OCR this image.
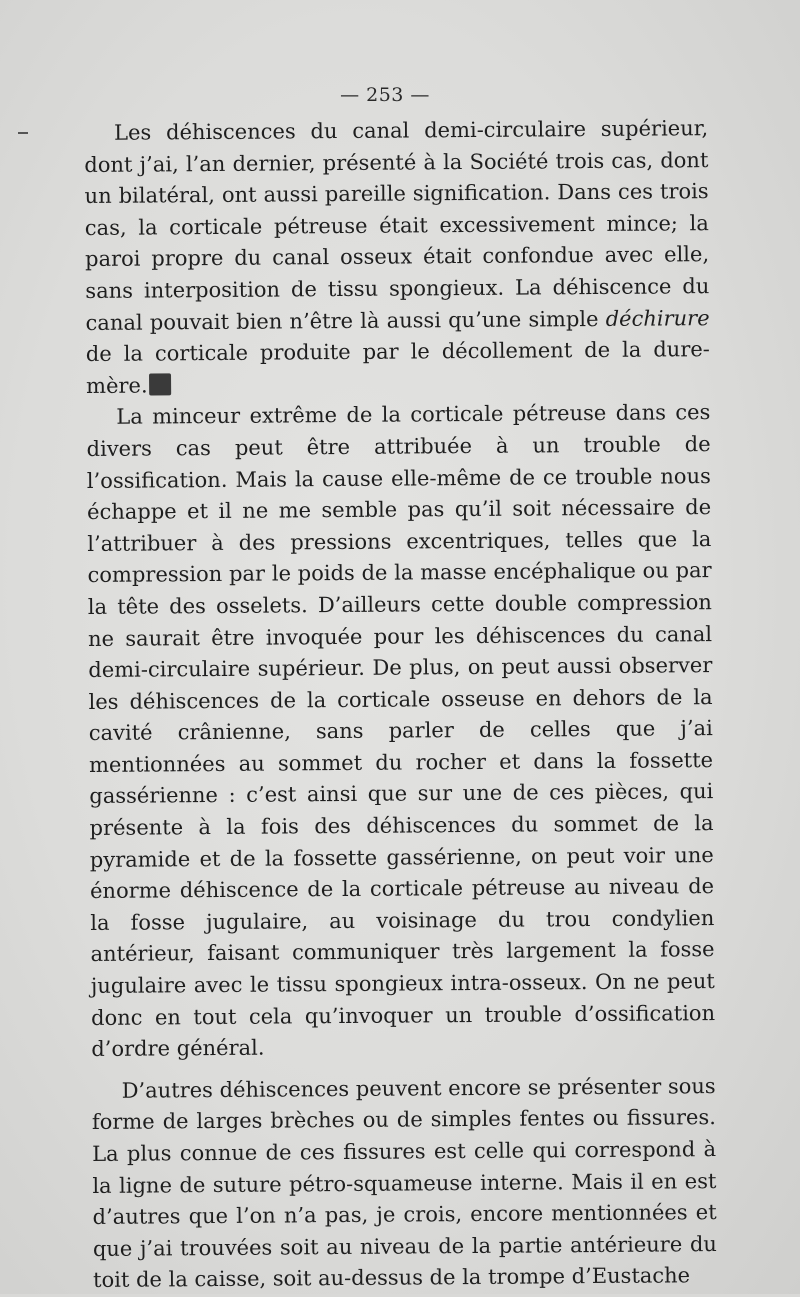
— 253 —

Les déhiscences du canal demi-circulaire supérieur, dont j’ai, l’an dernier, présenté à la Société trois cas, dont un bilatéral, ont aussi pareille signification. Dans ces trois cas, la corticale pétreuse était excessivement mince; la paroi propre du canal osseux était confondue avec elle, sans interposition de tissu spongieux. La déhiscence du canal pouvait bien n’être là aussi qu’une simple déchirure de la corticale produite par le décollement de la dure-mère.

La minceur extrême de la corticale pétreuse dans ces divers cas peut être attribuée à un trouble de l’ossification. Mais la cause elle-même de ce trouble nous échappe et il ne me semble pas qu’il soit nécessaire de l’attribuer à des pressions excentriques, telles que la compression par le poids de la masse encéphalique ou par la tête des osselets. D’ailleurs cette double compression ne saurait être invoquée pour les déhiscences du canal demi-circulaire supérieur. De plus, on peut aussi observer les déhiscences de la corticale osseuse en dehors de la cavité crânienne, sans parler de celles que j’ai mentionnées au sommet du rocher et dans la fossette gassérienne : c’est ainsi que sur une de ces pièces, qui présente à la fois des déhiscences du sommet de la pyramide et de la fossette gassérienne, on peut voir une énorme déhiscence de la corticale pétreuse au niveau de la fosse jugulaire, au voisinage du trou condylien antérieur, faisant communiquer très largement la fosse jugulaire avec le tissu spongieux intra-osseux. On ne peut donc en tout cela qu’invoquer un trouble d’ossification d’ordre général.

D’autres déhiscences peuvent encore se présenter sous forme de larges brèches ou de simples fentes ou fissures. La plus connue de ces fissures est celle qui correspond à la ligne de suture pétro-squameuse interne. Mais il en est d’autres que l’on n’a pas, je crois, encore mentionnées et que j’ai trouvées soit au niveau de la partie antérieure du toit de la caisse, soit au-dessus de la trompe d’Eustache
